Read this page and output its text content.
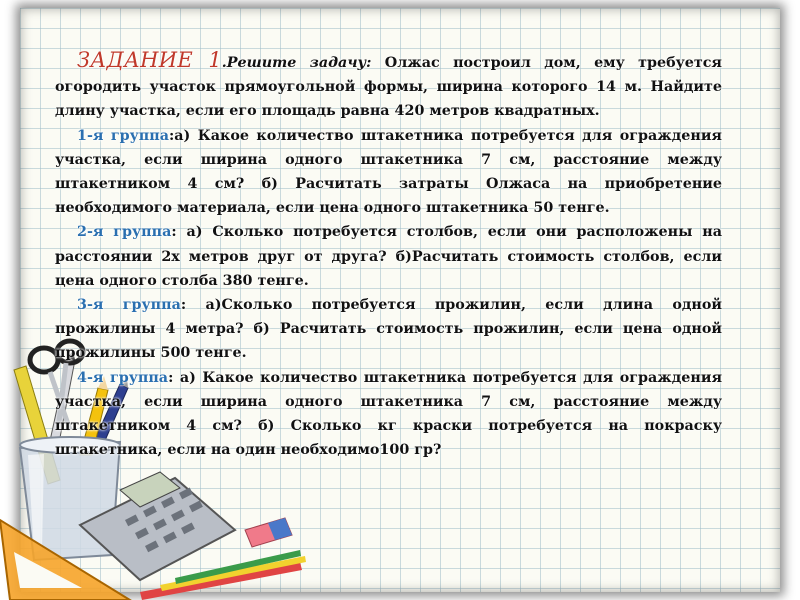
ЗАДАНИЕ 1.Решите задачу: Олжас построил дом, ему требуется огородить участок прямоугольной формы, ширина которого 14 м. Найдите длину участка, если его площадь равна 420 метров квадратных.

1-я группа:а) Какое количество штакетника потребуется для ограждения участка, если ширина одного штакетника 7 см, расстояние между штакетником 4 см? б) Расчитать затраты Олжаса на приобретение необходимого материала, если цена одного штакетника 50 тенге.

2-я группа: а) Сколько потребуется столбов, если они расположены на расстоянии 2х метров друг от друга? б)Расчитать стоимость столбов, если цена одного столба 380 тенге.

3-я группа: а)Сколько потребуется прожилин, если длина одной прожилины 4 метра? б) Расчитать стоимость прожилин, если цена одной прожилины 500 тенге.

4-я группа: а) Какое количество штакетника потребуется для ограждения участка, если ширина одного штакетника 7 см, расстояние между штакетником 4 см? б) Сколько кг краски потребуется на покраску штакетника, если на один необходимо100 гр?
